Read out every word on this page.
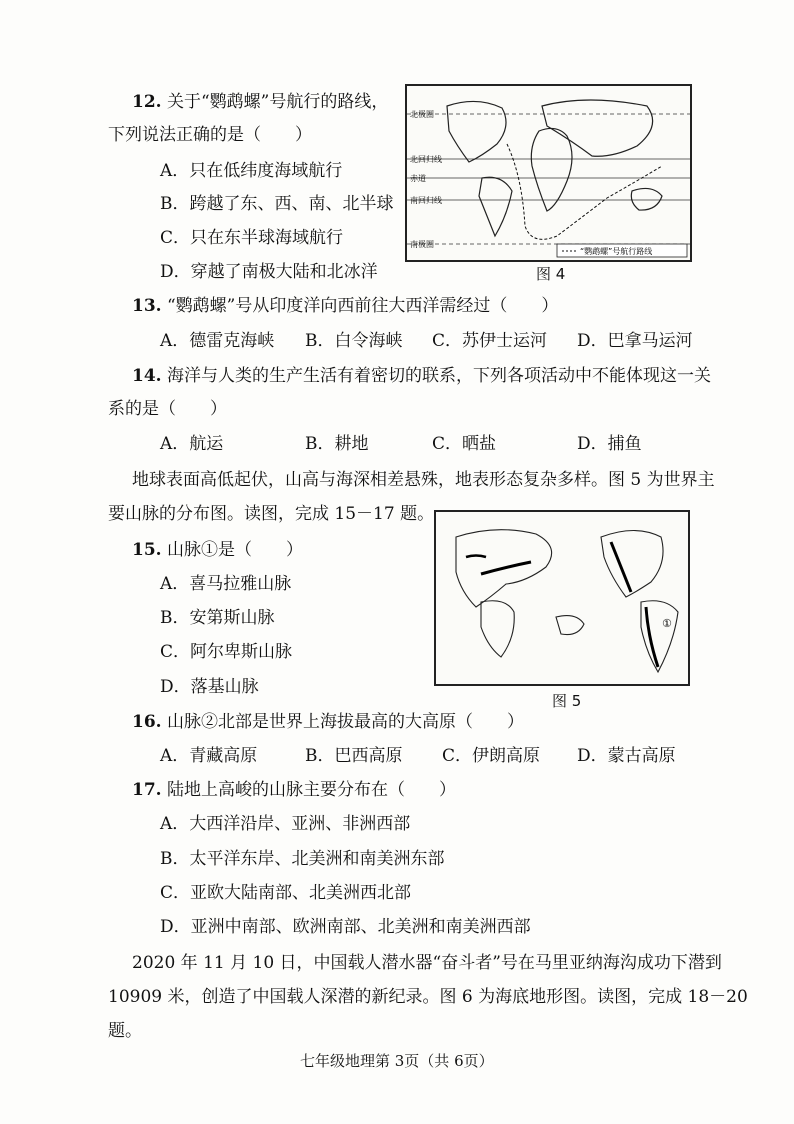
12. 关于“鹦鹉螺”号航行的路线，
下列说法正确的是（　　）
A．只在低纬度海域航行
B．跨越了东、西、南、北半球
C．只在东半球海域航行
D．穿越了南极大陆和北冰洋
“鹦鹉螺”号航行路线
北极圈
北回归线
赤道
南回归线
南极圈
图 4
13. “鹦鹉螺”号从印度洋向西前往大西洋需经过（　　）
A．德雷克海峡 B．白令海峡 C．苏伊士运河 D．巴拿马运河
14. 海洋与人类的生产生活有着密切的联系，下列各项活动中不能体现这一关
系的是（　　）
A．航运	B．耕地	C．晒盐	D．捕鱼
地球表面高低起伏，山高与海深相差悬殊，地表形态复杂多样。图 5 为世界主
要山脉的分布图。读图，完成 15－17 题。
①
图 5
15. 山脉①是（　　）
A．喜马拉雅山脉
B．安第斯山脉
C．阿尔卑斯山脉
D．落基山脉
16. 山脉②北部是世界上海拔最高的大高原（　　）
A．青藏高原	B．巴西高原 C．伊朗高原 D．蒙古高原
17. 陆地上高峻的山脉主要分布在（　　）
A．大西洋沿岸、亚洲、非洲西部
B．太平洋东岸、北美洲和南美洲东部
C．亚欧大陆南部、北美洲西北部
D．亚洲中南部、欧洲南部、北美洲和南美洲西部
2020 年 11 月 10 日，中国载人潜水器“奋斗者”号在马里亚纳海沟成功下潜到
10909 米，创造了中国载人深潜的新纪录。图 6 为海底地形图。读图，完成 18－20
题。
七年级地理第 3页（共 6页）
